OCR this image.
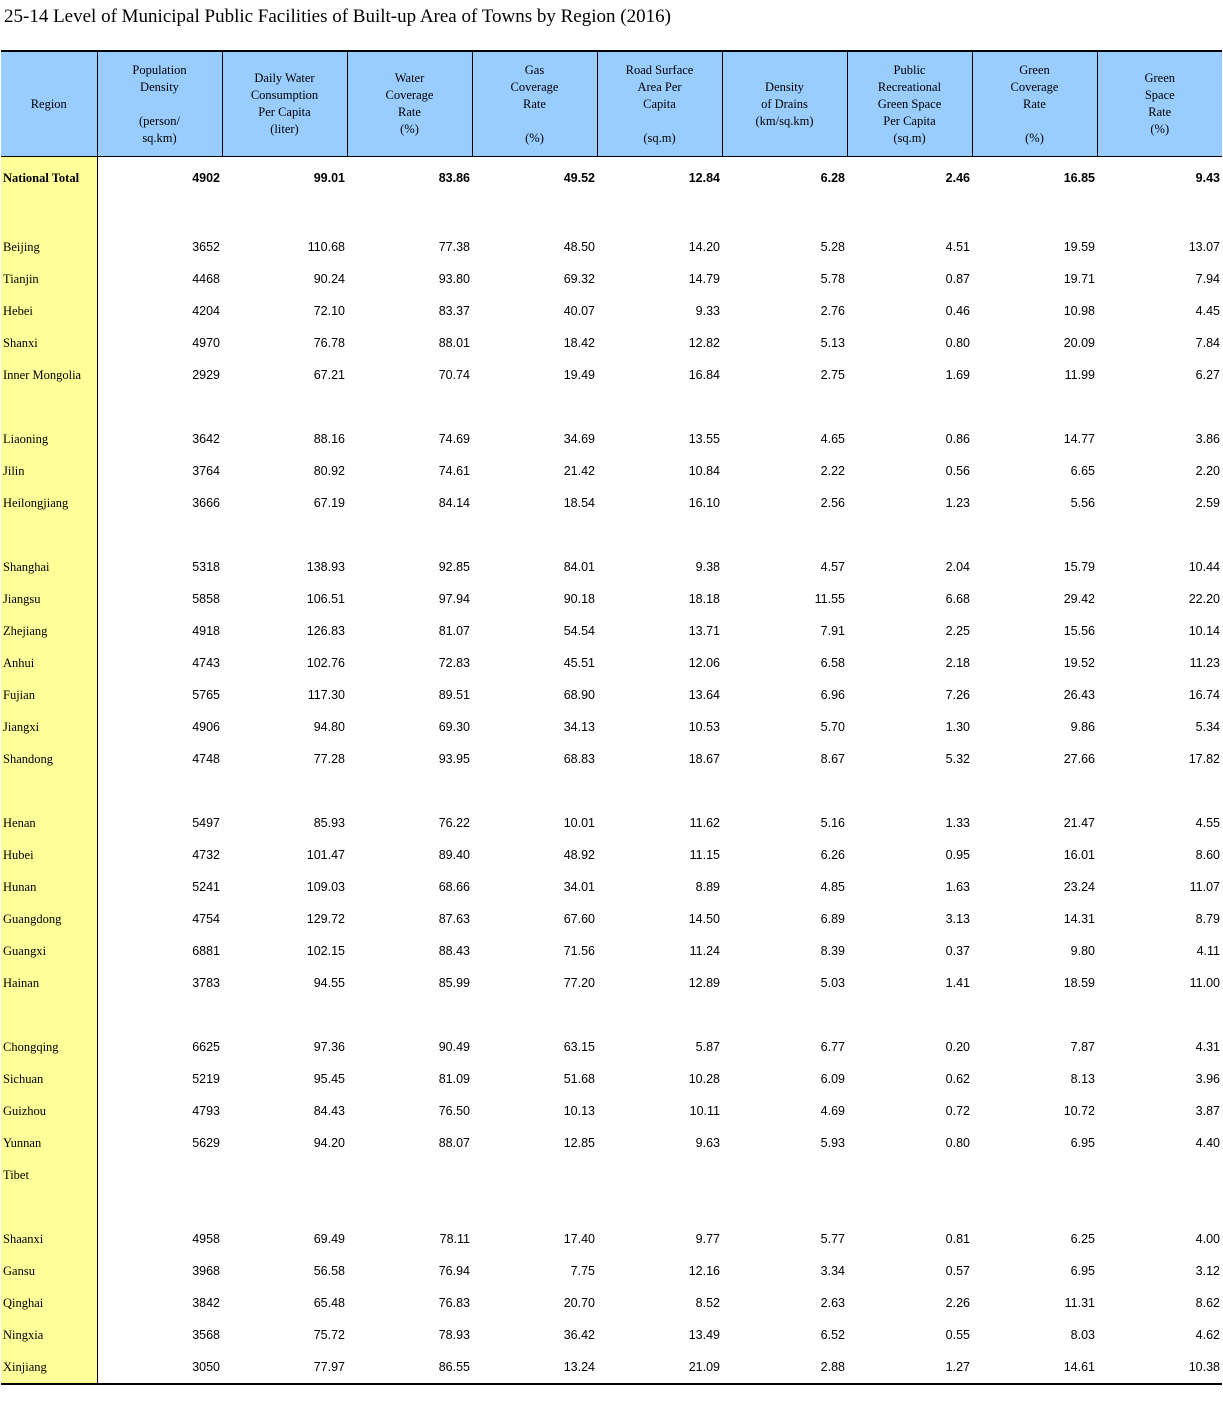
25-14 Level of Municipal Public Facilities of Built-up Area of Towns by Region (2016)
Region	Population
Density

(person/
sq.km)	Daily Water
Consumption
Per Capita
(liter)	Water
Coverage
Rate
(%)	Gas
Coverage
Rate

(%)	Road Surface
Area Per
Capita

(sq.m)	Density
of Drains
(km/sq.km)	Public
Recreational
Green Space
Per Capita
(sq.m)	Green
Coverage
Rate

(%)	Green
Space
Rate
(%)

National Total	4902	99.01	83.86	49.52	12.84	6.28	2.46	16.85	9.43

Beijing	3652	110.68	77.38	48.50	14.20	5.28	4.51	19.59	13.07
Tianjin	4468	90.24	93.80	69.32	14.79	5.78	0.87	19.71	7.94
Hebei	4204	72.10	83.37	40.07	9.33	2.76	0.46	10.98	4.45
Shanxi	4970	76.78	88.01	18.42	12.82	5.13	0.80	20.09	7.84
Inner Mongolia	2929	67.21	70.74	19.49	16.84	2.75	1.69	11.99	6.27

Liaoning	3642	88.16	74.69	34.69	13.55	4.65	0.86	14.77	3.86
Jilin	3764	80.92	74.61	21.42	10.84	2.22	0.56	6.65	2.20
Heilongjiang	3666	67.19	84.14	18.54	16.10	2.56	1.23	5.56	2.59

Shanghai	5318	138.93	92.85	84.01	9.38	4.57	2.04	15.79	10.44
Jiangsu	5858	106.51	97.94	90.18	18.18	11.55	6.68	29.42	22.20
Zhejiang	4918	126.83	81.07	54.54	13.71	7.91	2.25	15.56	10.14
Anhui	4743	102.76	72.83	45.51	12.06	6.58	2.18	19.52	11.23
Fujian	5765	117.30	89.51	68.90	13.64	6.96	7.26	26.43	16.74
Jiangxi	4906	94.80	69.30	34.13	10.53	5.70	1.30	9.86	5.34
Shandong	4748	77.28	93.95	68.83	18.67	8.67	5.32	27.66	17.82

Henan	5497	85.93	76.22	10.01	11.62	5.16	1.33	21.47	4.55
Hubei	4732	101.47	89.40	48.92	11.15	6.26	0.95	16.01	8.60
Hunan	5241	109.03	68.66	34.01	8.89	4.85	1.63	23.24	11.07
Guangdong	4754	129.72	87.63	67.60	14.50	6.89	3.13	14.31	8.79
Guangxi	6881	102.15	88.43	71.56	11.24	8.39	0.37	9.80	4.11
Hainan	3783	94.55	85.99	77.20	12.89	5.03	1.41	18.59	11.00

Chongqing	6625	97.36	90.49	63.15	5.87	6.77	0.20	7.87	4.31
Sichuan	5219	95.45	81.09	51.68	10.28	6.09	0.62	8.13	3.96
Guizhou	4793	84.43	76.50	10.13	10.11	4.69	0.72	10.72	3.87
Yunnan	5629	94.20	88.07	12.85	9.63	5.93	0.80	6.95	4.40
Tibet									

Shaanxi	4958	69.49	78.11	17.40	9.77	5.77	0.81	6.25	4.00
Gansu	3968	56.58	76.94	7.75	12.16	3.34	0.57	6.95	3.12
Qinghai	3842	65.48	76.83	20.70	8.52	2.63	2.26	11.31	8.62
Ningxia	3568	75.72	78.93	36.42	13.49	6.52	0.55	8.03	4.62
Xinjiang	3050	77.97	86.55	13.24	21.09	2.88	1.27	14.61	10.38
